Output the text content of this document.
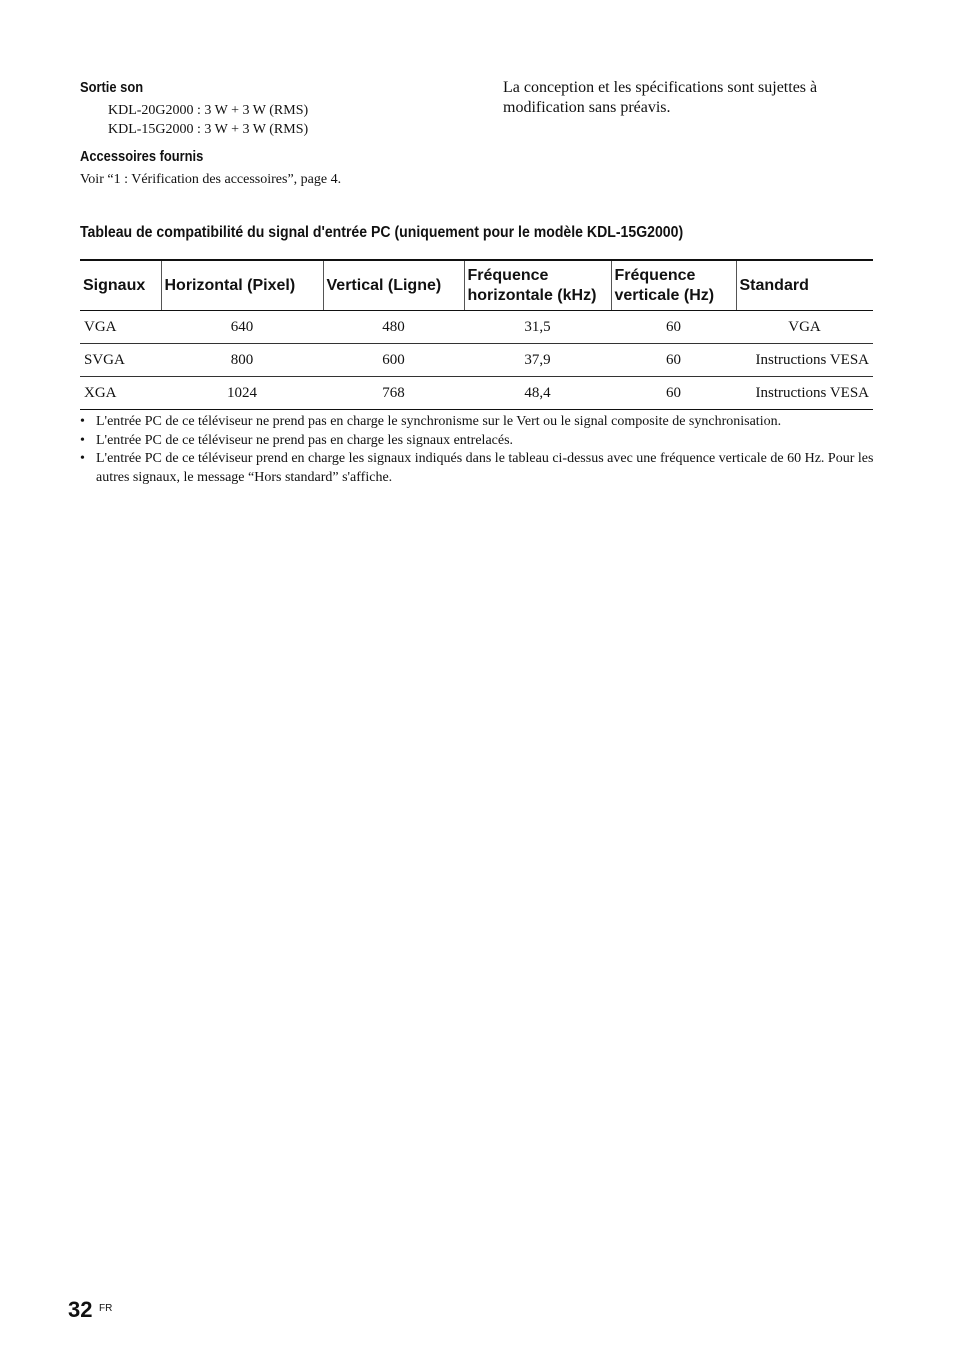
Sortie son
KDL-20G2000 : 3 W + 3 W (RMS)
KDL-15G2000 : 3 W + 3 W (RMS)
Accessoires fournis
Voir “1 : Vérification des accessoires”, page 4.
La conception et les spécifications sont sujettes à modification sans préavis.
Tableau de compatibilité du signal d'entrée PC (uniquement pour le modèle KDL-15G2000)
Signaux	Horizontal (Pixel)	Vertical (Ligne)	Fréquence horizontale (kHz)	Fréquence verticale (Hz)	Standard
VGA	640	480	31,5	60	VGA
SVGA	800	600	37,9	60	Instructions VESA
XGA	1024	768	48,4	60	Instructions VESA
• L'entrée PC de ce téléviseur ne prend pas en charge le synchronisme sur le Vert ou le signal composite de synchronisation.
• L'entrée PC de ce téléviseur ne prend pas en charge les signaux entrelacés.
• L'entrée PC de ce téléviseur prend en charge les signaux indiqués dans le tableau ci-dessus avec une fréquence verticale de 60 Hz. Pour les autres signaux, le message “Hors standard” s'affiche.
32 FR
